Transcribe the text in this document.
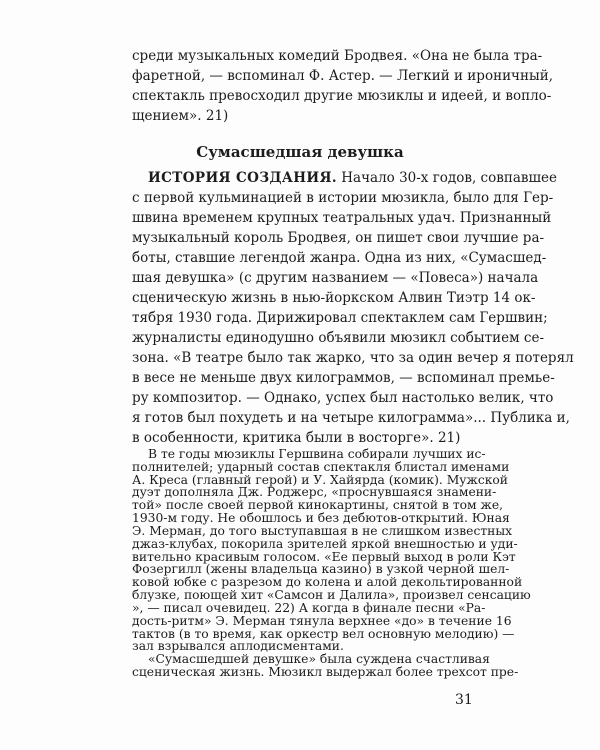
среди музыкальных комедий Бродвея. «Она не была тра-
фаретной, — вспоминал Ф. Астер. — Легкий и ироничный,
спектакль превосходил другие мюзиклы и идеей, и вопло-
щением». 21)
Сумасшедшая девушка
ИСТОРИЯ СОЗДАНИЯ. Начало 30-х годов, совпавшее
с первой кульминацией в истории мюзикла, было для Гер-
швина временем крупных театральных удач. Признанный
музыкальный король Бродвея, он пишет свои лучшие ра-
боты, ставшие легендой жанра. Одна из них, «Сумасшед-
шая девушка» (с другим названием — «Повеса») начала
сценическую жизнь в нью-йоркском Алвин Тиэтр 14 ок-
тября 1930 года. Дирижировал спектаклем сам Гершвин;
журналисты единодушно объявили мюзикл событием се-
зона. «В театре было так жарко, что за один вечер я потерял
в весе не меньше двух килограммов, — вспоминал премье-
ру композитор. — Однако, успех был настолько велик, что
я готов был похудеть и на четыре килограмма»... Публика и,
в особенности, критика были в восторге». 21)
В те годы мюзиклы Гершвина собирали лучших ис-
полнителей; ударный состав спектакля блистал именами
А. Креса (главный герой) и У. Хайярда (комик). Мужской
дуэт дополняла Дж. Роджерс, «проснувшаяся знамени-
той» после своей первой кинокартины, снятой в том же,
1930-м году. Не обошлось и без дебютов-открытий. Юная
Э. Мерман, до того выступавшая в не слишком известных
джаз-клубах, покорила зрителей яркой внешностью и уди-
вительно красивым голосом. «Ее первый выход в роли Кэт
Фозергилл (жены владельца казино) в узкой черной шел-
ковой юбке с разрезом до колена и алой декольтированной
блузке, поющей хит «Самсон и Далила», произвел сенсацию
», — писал очевидец. 22) А когда в финале песни «Ра-
дость-ритм» Э. Мерман тянула верхнее «до» в течение 16
тактов (в то время, как оркестр вел основную мелодию) —
зал взрывался аплодисментами.
«Сумасшедшей девушке» была суждена счастливая
сценическая жизнь. Мюзикл выдержал более трехсот пре-
31
